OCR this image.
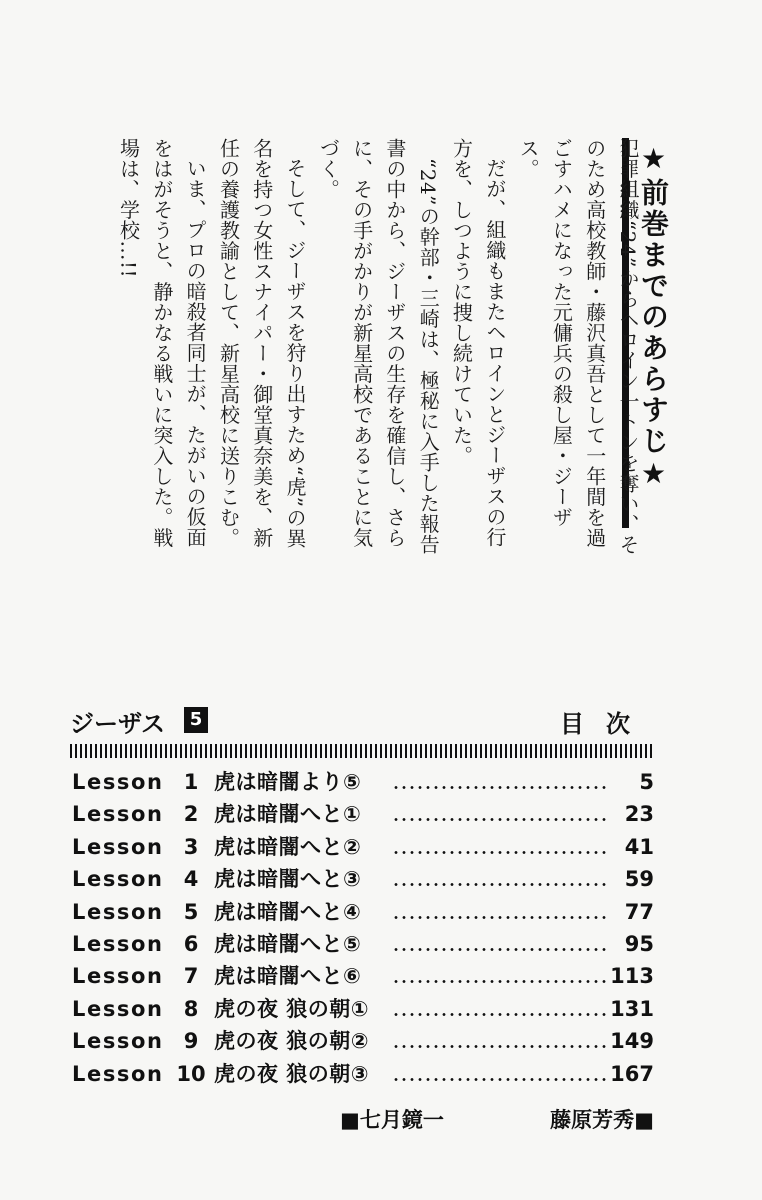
★前巻までのあらすじ★

犯罪組織“24”からヘロイン一トンを奪い、そのため高校教師・藤沢真吾として一年間を過ごすハメになった元傭兵の殺し屋・ジーザス。

だが、組織もまたヘロインとジーザスの行方を、しつように捜し続けていた。

“24”の幹部・三崎は、極秘に入手した報告書の中から、ジーザスの生存を確信し、さらに、その手がかりが新星高校であることに気づく。

そして、ジーザスを狩り出すため“虎”の異名を持つ女性スナイパー・御堂真奈美を、新任の養護教諭として、新星高校に送りこむ。

いま、プロの暗殺者同士が、たがいの仮面をはがそうと、静かなる戦いに突入した。戦場は、学校…!!

ジーザス	5	目次
Lesson 1 虎は暗闇より⑤	5
Lesson 2 虎は暗闇へと①	23
Lesson 3 虎は暗闇へと②	41
Lesson 4 虎は暗闇へと③	59
Lesson 5 虎は暗闇へと④	77
Lesson 6 虎は暗闇へと⑤	95
Lesson 7 虎は暗闇へと⑥	113
Lesson 8 虎の夜 狼の朝①	131
Lesson 9 虎の夜 狼の朝②	149
Lesson 10 虎の夜 狼の朝③	167
■七月鏡一	藤原芳秀■
